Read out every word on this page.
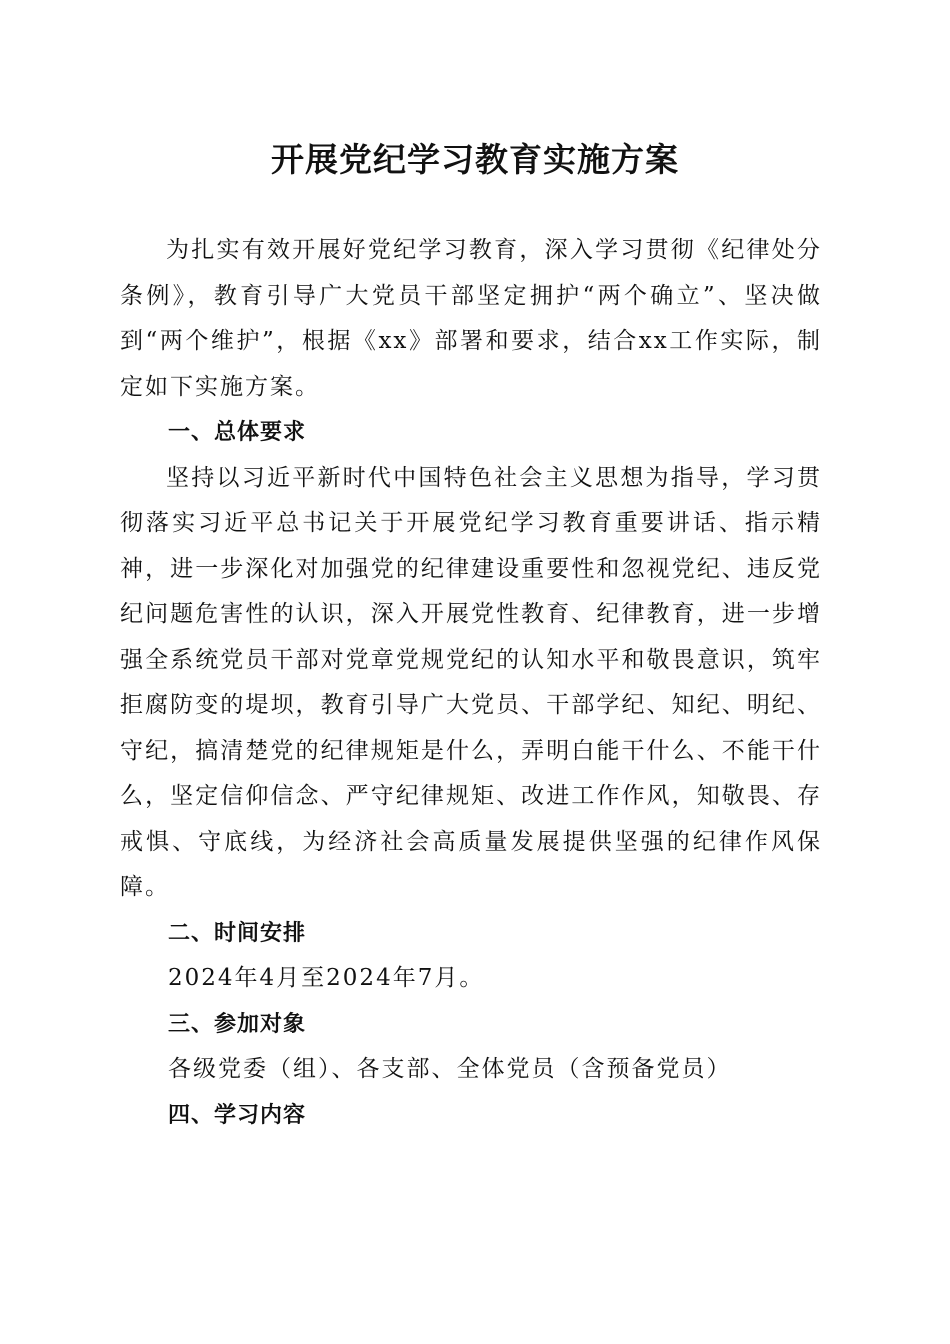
开展党纪学习教育实施方案

为扎实有效开展好党纪学习教育，深入学习贯彻《纪律处分条例》，教育引导广大党员干部坚定拥护“两个确立”、坚决做到“两个维护”，根据《xx》部署和要求，结合xx工作实际，制定如下实施方案。

一、总体要求

坚持以习近平新时代中国特色社会主义思想为指导，学习贯彻落实习近平总书记关于开展党纪学习教育重要讲话、指示精神，进一步深化对加强党的纪律建设重要性和忽视党纪、违反党纪问题危害性的认识，深入开展党性教育、纪律教育，进一步增强全系统党员干部对党章党规党纪的认知水平和敬畏意识，筑牢拒腐防变的堤坝，教育引导广大党员、干部学纪、知纪、明纪、守纪，搞清楚党的纪律规矩是什么，弄明白能干什么、不能干什么，坚定信仰信念、严守纪律规矩、改进工作作风，知敬畏、存戒惧、守底线，为经济社会高质量发展提供坚强的纪律作风保障。

二、时间安排

2024年4月至2024年7月。

三、参加对象

各级党委（组）、各支部、全体党员（含预备党员）

四、学习内容
